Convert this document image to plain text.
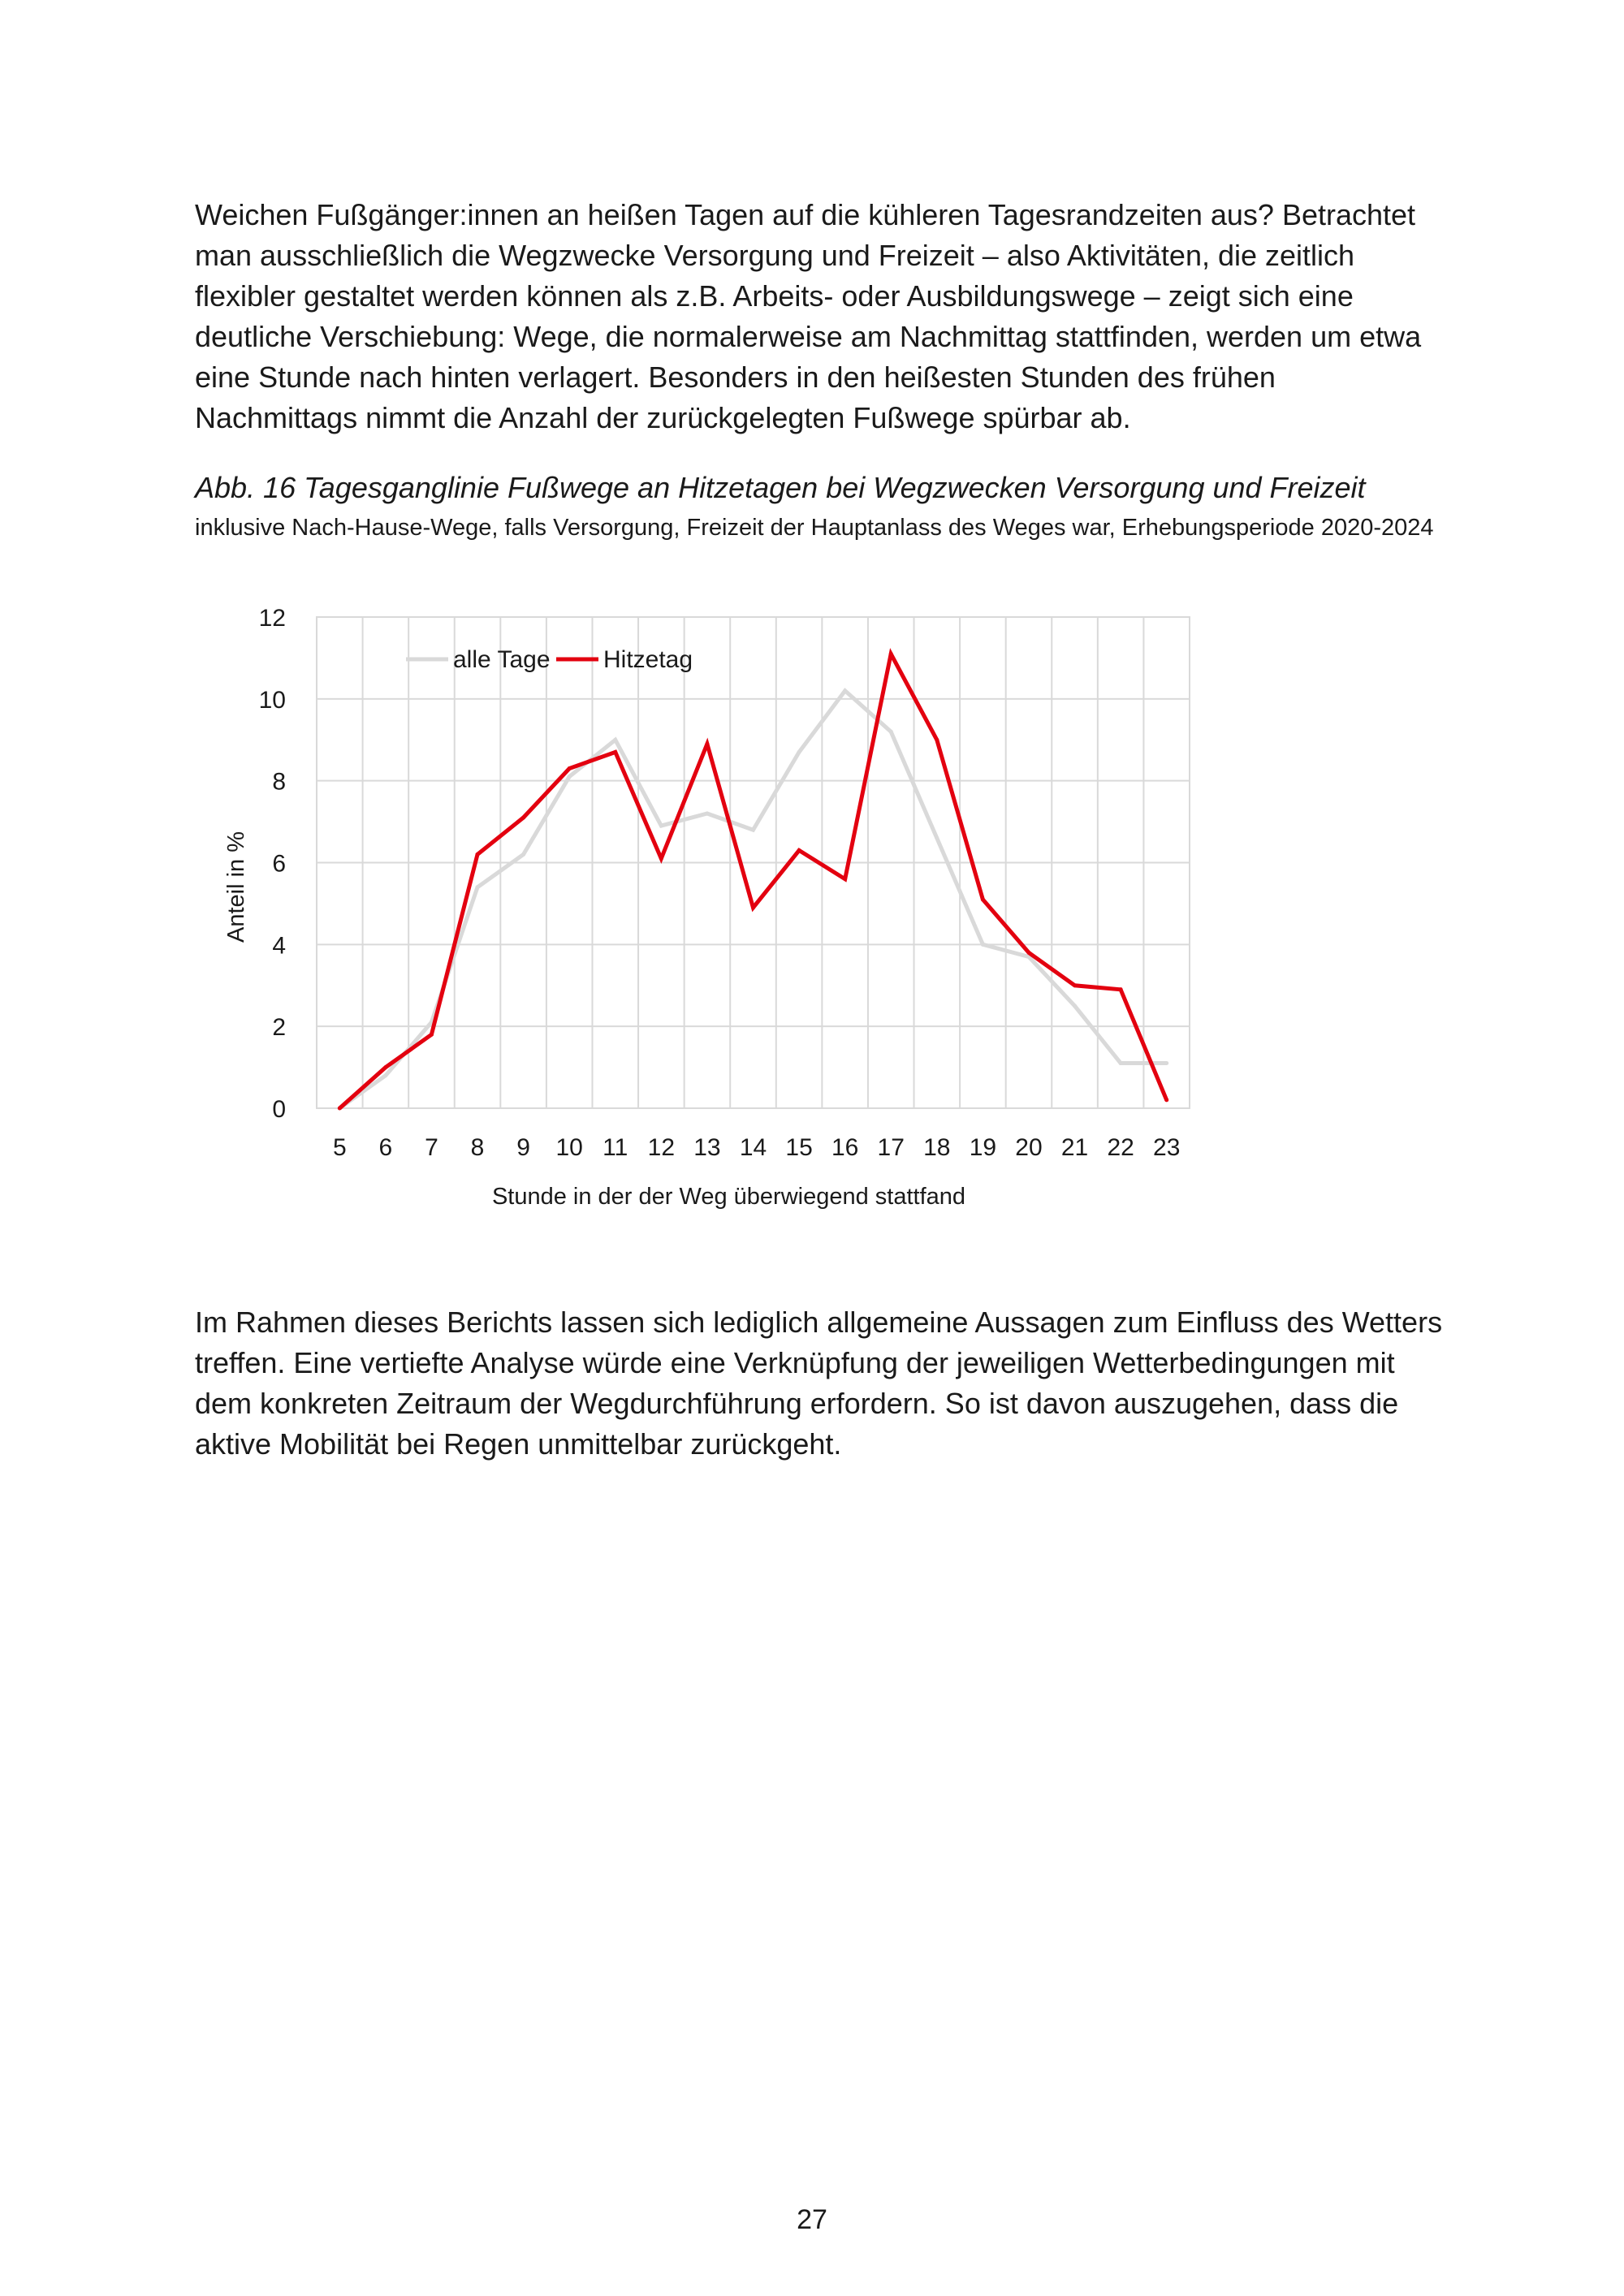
Weichen Fußgänger:innen an heißen Tagen auf die kühleren Tagesrandzeiten aus? Betrachtet man ausschließlich die Wegzwecke Versorgung und Freizeit – also Aktivitäten, die zeitlich flexibler gestaltet werden können als z.B. Arbeits- oder Ausbildungswege – zeigt sich eine deutliche Verschiebung: Wege, die normalerweise am Nachmittag stattfinden, werden um etwa eine Stunde nach hinten verlagert. Besonders in den heißesten Stunden des frühen Nachmittags nimmt die Anzahl der zurückgelegten Fußwege spürbar ab.

Abb. 16 Tagesganglinie Fußwege an Hitzetagen bei Wegzwecken Versorgung und Freizeit

inklusive Nach-Hause-Wege, falls Versorgung, Freizeit der Hauptanlass des Weges war, Erhebungsperiode 2020-2024

0
2
4
6
8
10
12
5 6 7 8 9 10 11 12 13 14 15 16 17 18 19 20 21 22 23
Stunde in der der Weg überwiegend stattfand
Anteil in %
alle Tage Hitzetag

Im Rahmen dieses Berichts lassen sich lediglich allgemeine Aussagen zum Einfluss des Wetters treffen. Eine vertiefte Analyse würde eine Verknüpfung der jeweiligen Wetterbedingungen mit dem konkreten Zeitraum der Wegdurchführung erfordern. So ist davon auszugehen, dass die aktive Mobilität bei Regen unmittelbar zurückgeht.

27
